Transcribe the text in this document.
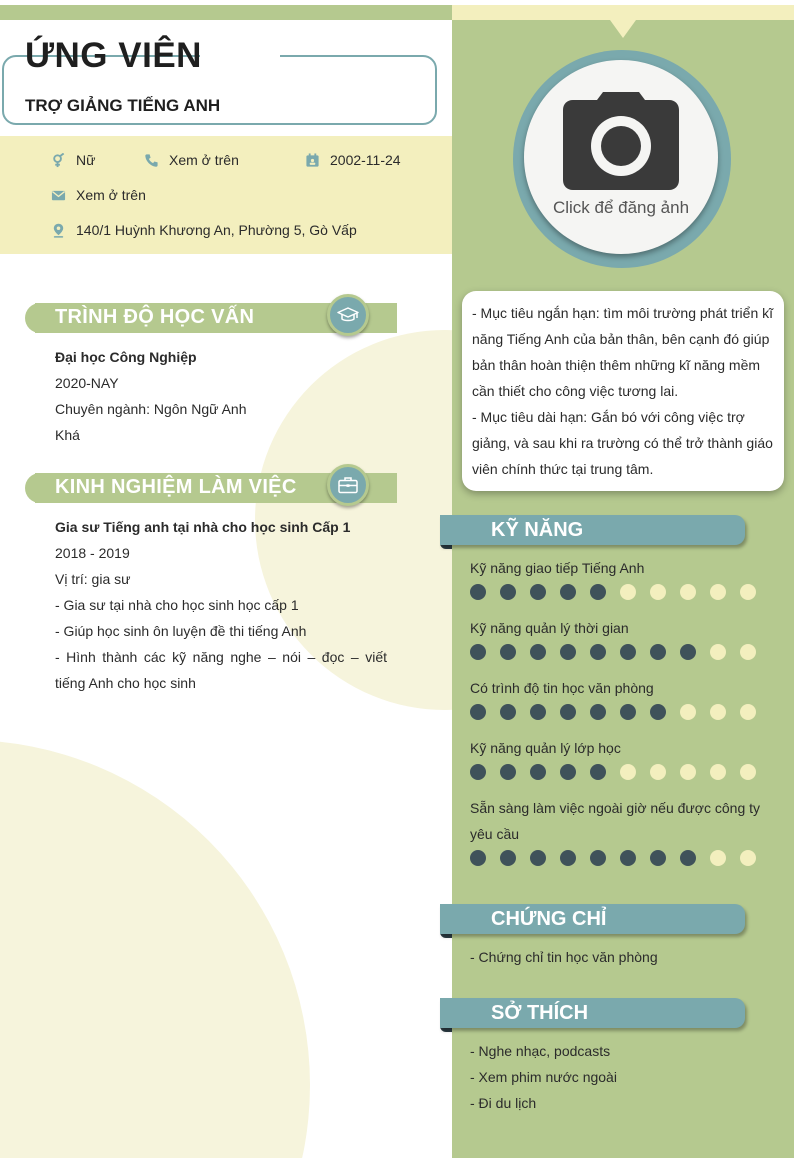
ỨNG VIÊN
TRỢ GIẢNG TIẾNG ANH
Nữ	Xem ở trên	2002-11-24
Xem ở trên
140/1 Huỳnh Khương An, Phường 5, Gò Vấp
TRÌNH ĐỘ HỌC VẤN
Đại học Công Nghiệp
2020-NAY
Chuyên ngành: Ngôn Ngữ Anh
Khá
KINH NGHIỆM LÀM VIỆC
Gia sư Tiếng anh tại nhà cho học sinh Cấp 1
2018 - 2019
Vị trí: gia sư
- Gia sư tại nhà cho học sinh học cấp 1
- Giúp học sinh ôn luyện đề thi tiếng Anh
- Hình thành các kỹ năng nghe – nói – đọc – viết tiếng Anh cho học sinh
Click để đăng ảnh
- Mục tiêu ngắn hạn: tìm môi trường phát triển kĩ năng Tiếng Anh của bản thân, bên cạnh đó giúp bản thân hoàn thiện thêm những kĩ năng mềm cần thiết cho công việc tương lai.
- Mục tiêu dài hạn: Gắn bó với công việc trợ giảng, và sau khi ra trường có thể trở thành giáo viên chính thức tại trung tâm.
KỸ NĂNG
Kỹ năng giao tiếp Tiếng Anh
Kỹ năng quản lý thời gian
Có trình độ tin học văn phòng
Kỹ năng quản lý lớp học
Sẵn sàng làm việc ngoài giờ nếu được công ty yêu cầu
CHỨNG CHỈ
- Chứng chỉ tin học văn phòng
SỞ THÍCH
- Nghe nhạc, podcasts
- Xem phim nước ngoài
- Đi du lịch
